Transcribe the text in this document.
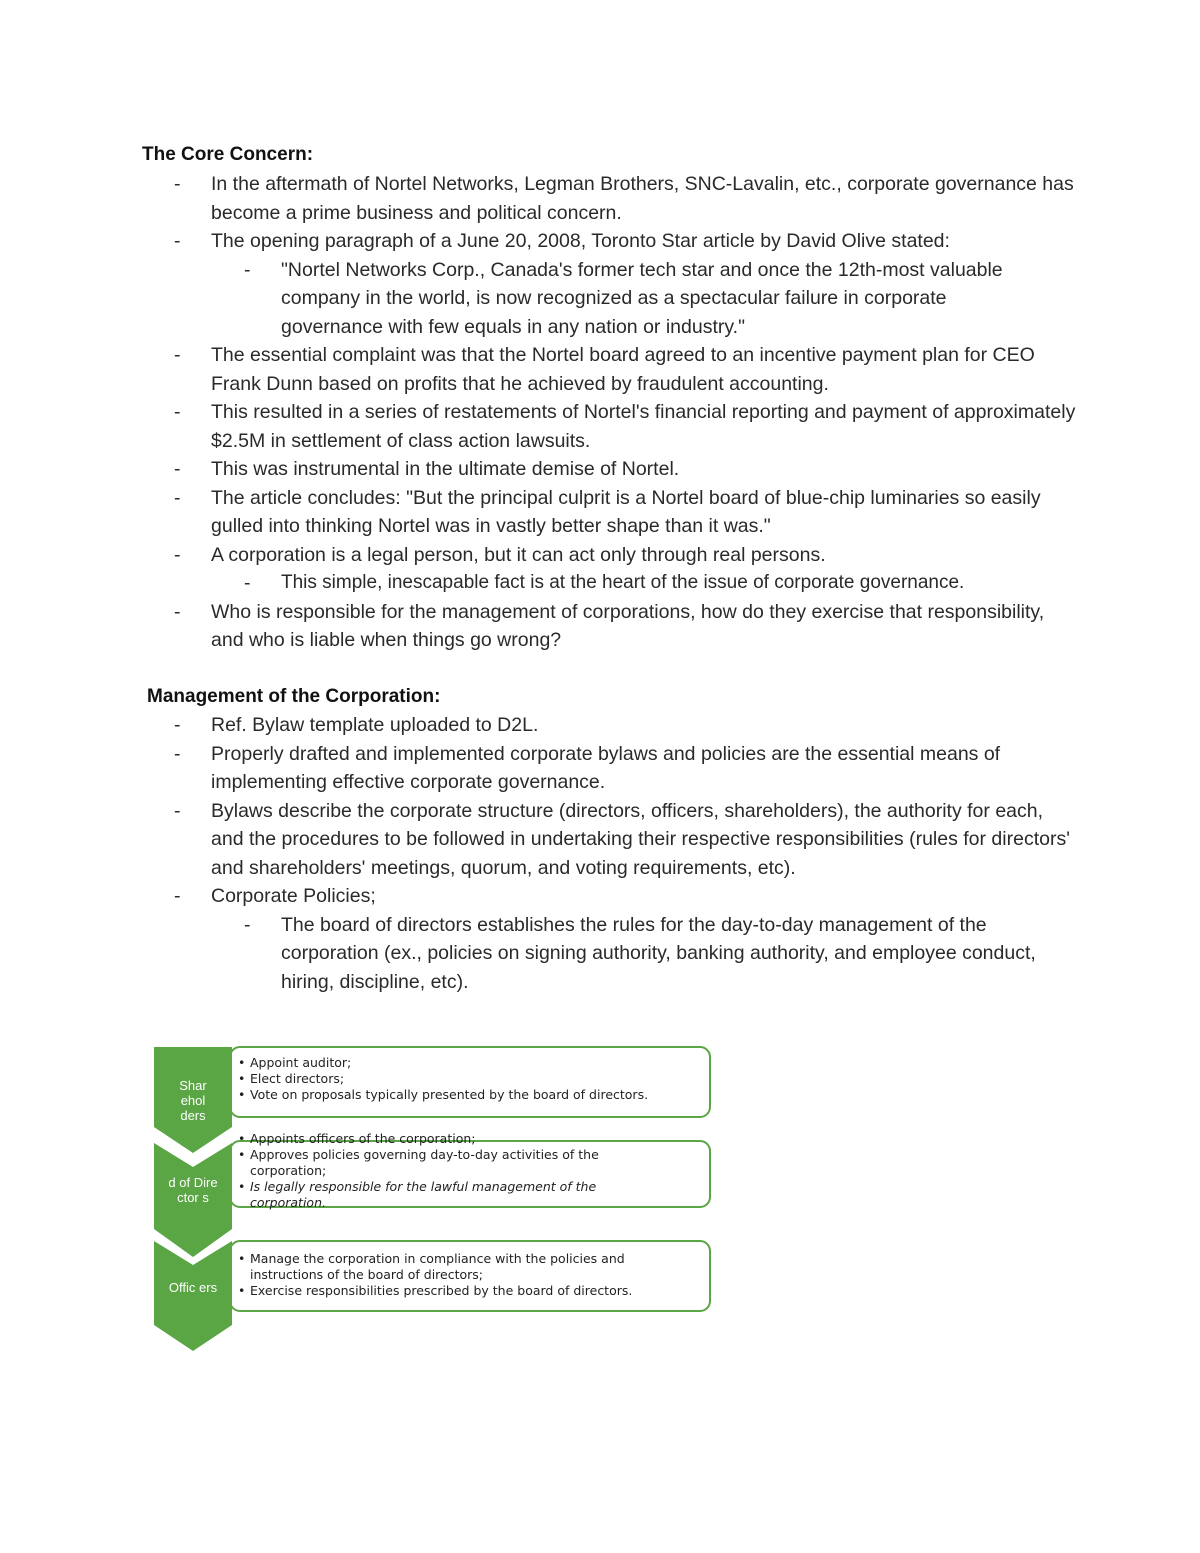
The Core Concern:
- In the aftermath of Nortel Networks, Legman Brothers, SNC-Lavalin, etc., corporate governance has become a prime business and political concern.
- The opening paragraph of a June 20, 2008, Toronto Star article by David Olive stated:
- "Nortel Networks Corp., Canada's former tech star and once the 12th-most valuable company in the world, is now recognized as a spectacular failure in corporate governance with few equals in any nation or industry."
- The essential complaint was that the Nortel board agreed to an incentive payment plan for CEO Frank Dunn based on profits that he achieved by fraudulent accounting.
- This resulted in a series of restatements of Nortel's financial reporting and payment of approximately $2.5M in settlement of class action lawsuits.
- This was instrumental in the ultimate demise of Nortel.
- The article concludes: "But the principal culprit is a Nortel board of blue-chip luminaries so easily gulled into thinking Nortel was in vastly better shape than it was."
- A corporation is a legal person, but it can act only through real persons.
- This simple, inescapable fact is at the heart of the issue of corporate governance.
- Who is responsible for the management of corporations, how do they exercise that responsibility, and who is liable when things go wrong?
Management of the Corporation:
- Ref. Bylaw template uploaded to D2L.
- Properly drafted and implemented corporate bylaws and policies are the essential means of implementing effective corporate governance.
- Bylaws describe the corporate structure (directors, officers, shareholders), the authority for each, and the procedures to be followed in undertaking their respective responsibilities (rules for directors' and shareholders' meetings, quorum, and voting requirements, etc).
- Corporate Policies;
- The board of directors establishes the rules for the day-to-day management of the corporation (ex., policies on signing authority, banking authority, and employee conduct, hiring, discipline, etc).
Shar ehol ders
d of Dire ctor s
Offic ers
• Appoint auditor;
• Elect directors;
• Vote on proposals typically presented by the board of directors.
• Appoints officers of the corporation;
• Approves policies governing day-to-day activities of the corporation;
• Is legally responsible for the lawful management of the corporation.
• Manage the corporation in compliance with the policies and instructions of the board of directors;
• Exercise responsibilities prescribed by the board of directors.
